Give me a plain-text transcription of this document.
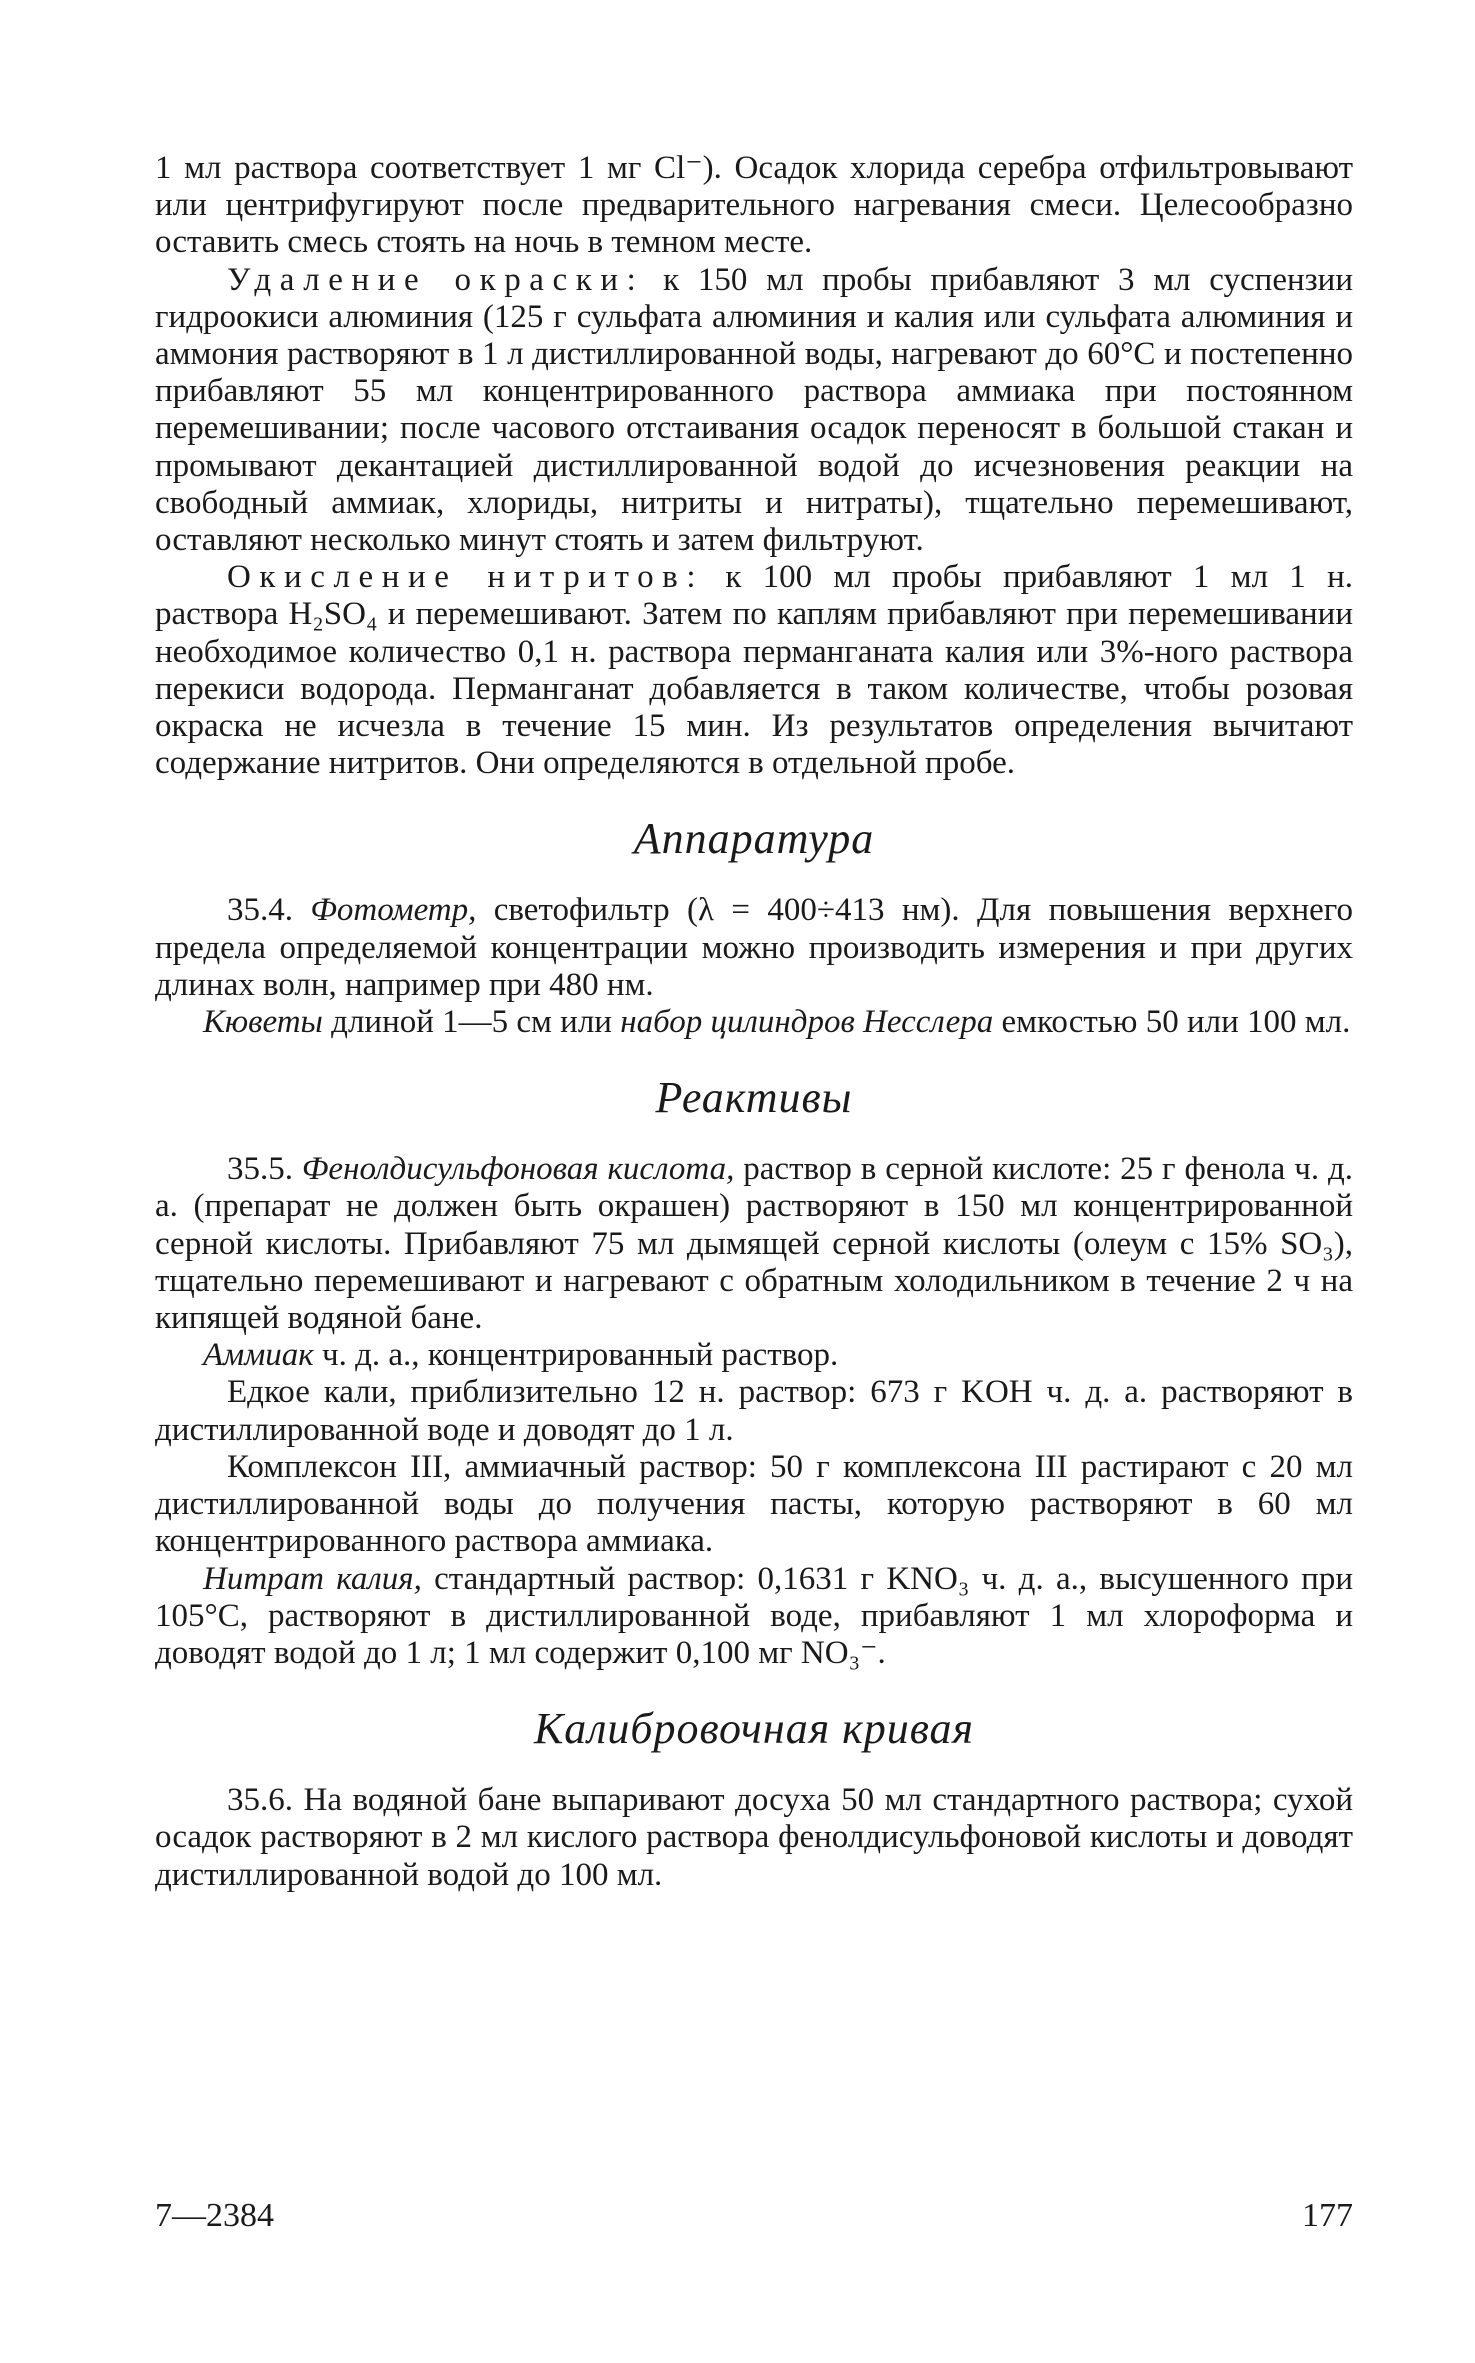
1 мл раствора соответствует 1 мг Cl⁻). Осадок хлорида серебра отфильтровывают или центрифугируют после предварительного нагревания смеси. Целесообразно оставить смесь стоять на ночь в темном месте.

Удаление окраски: к 150 мл пробы прибавляют 3 мл суспензии гидроокиси алюминия (125 г сульфата алюминия и калия или сульфата алюминия и аммония растворяют в 1 л дистиллированной воды, нагревают до 60°C и постепенно прибавляют 55 мл концентрированного раствора аммиака при постоянном перемешивании; после часового отстаивания осадок переносят в большой стакан и промывают декантацией дистиллированной водой до исчезновения реакции на свободный аммиак, хлориды, нитриты и нитраты), тщательно перемешивают, оставляют несколько минут стоять и затем фильтруют.

Окисление нитритов: к 100 мл пробы прибавляют 1 мл 1 н. раствора H₂SO₄ и перемешивают. Затем по каплям прибавляют при перемешивании необходимое количество 0,1 н. раствора перманганата калия или 3%-ного раствора перекиси водорода. Перманганат добавляется в таком количестве, чтобы розовая окраска не исчезла в течение 15 мин. Из результатов определения вычитают содержание нитритов. Они определяются в отдельной пробе.

Аппаратура

35.4. Фотометр, светофильтр (λ = 400÷413 нм). Для повышения верхнего предела определяемой концентрации можно производить измерения и при других длинах волн, например при 480 нм.

Кюветы длиной 1—5 см или набор цилиндров Несслера емкостью 50 или 100 мл.

Реактивы

35.5. Фенолдисульфоновая кислота, раствор в серной кислоте: 25 г фенола ч. д. а. (препарат не должен быть окрашен) растворяют в 150 мл концентрированной серной кислоты. Прибавляют 75 мл дымящей серной кислоты (олеум с 15% SO₃), тщательно перемешивают и нагревают с обратным холодильником в течение 2 ч на кипящей водяной бане.

Аммиак ч. д. а., концентрированный раствор.

Едкое кали, приблизительно 12 н. раствор: 673 г KOH ч. д. а. растворяют в дистиллированной воде и доводят до 1 л.

Комплексон III, аммиачный раствор: 50 г комплексона III растирают с 20 мл дистиллированной воды до получения пасты, которую растворяют в 60 мл концентрированного раствора аммиака.

Нитрат калия, стандартный раствор: 0,1631 г KNO₃ ч. д. а., высушенного при 105°C, растворяют в дистиллированной воде, прибавляют 1 мл хлороформа и доводят водой до 1 л; 1 мл содержит 0,100 мг NO₃⁻.

Калибровочная кривая

35.6. На водяной бане выпаривают досуха 50 мл стандартного раствора; сухой осадок растворяют в 2 мл кислого раствора фенолдисульфоновой кислоты и доводят дистиллированной водой до 100 мл.

7—2384	177
